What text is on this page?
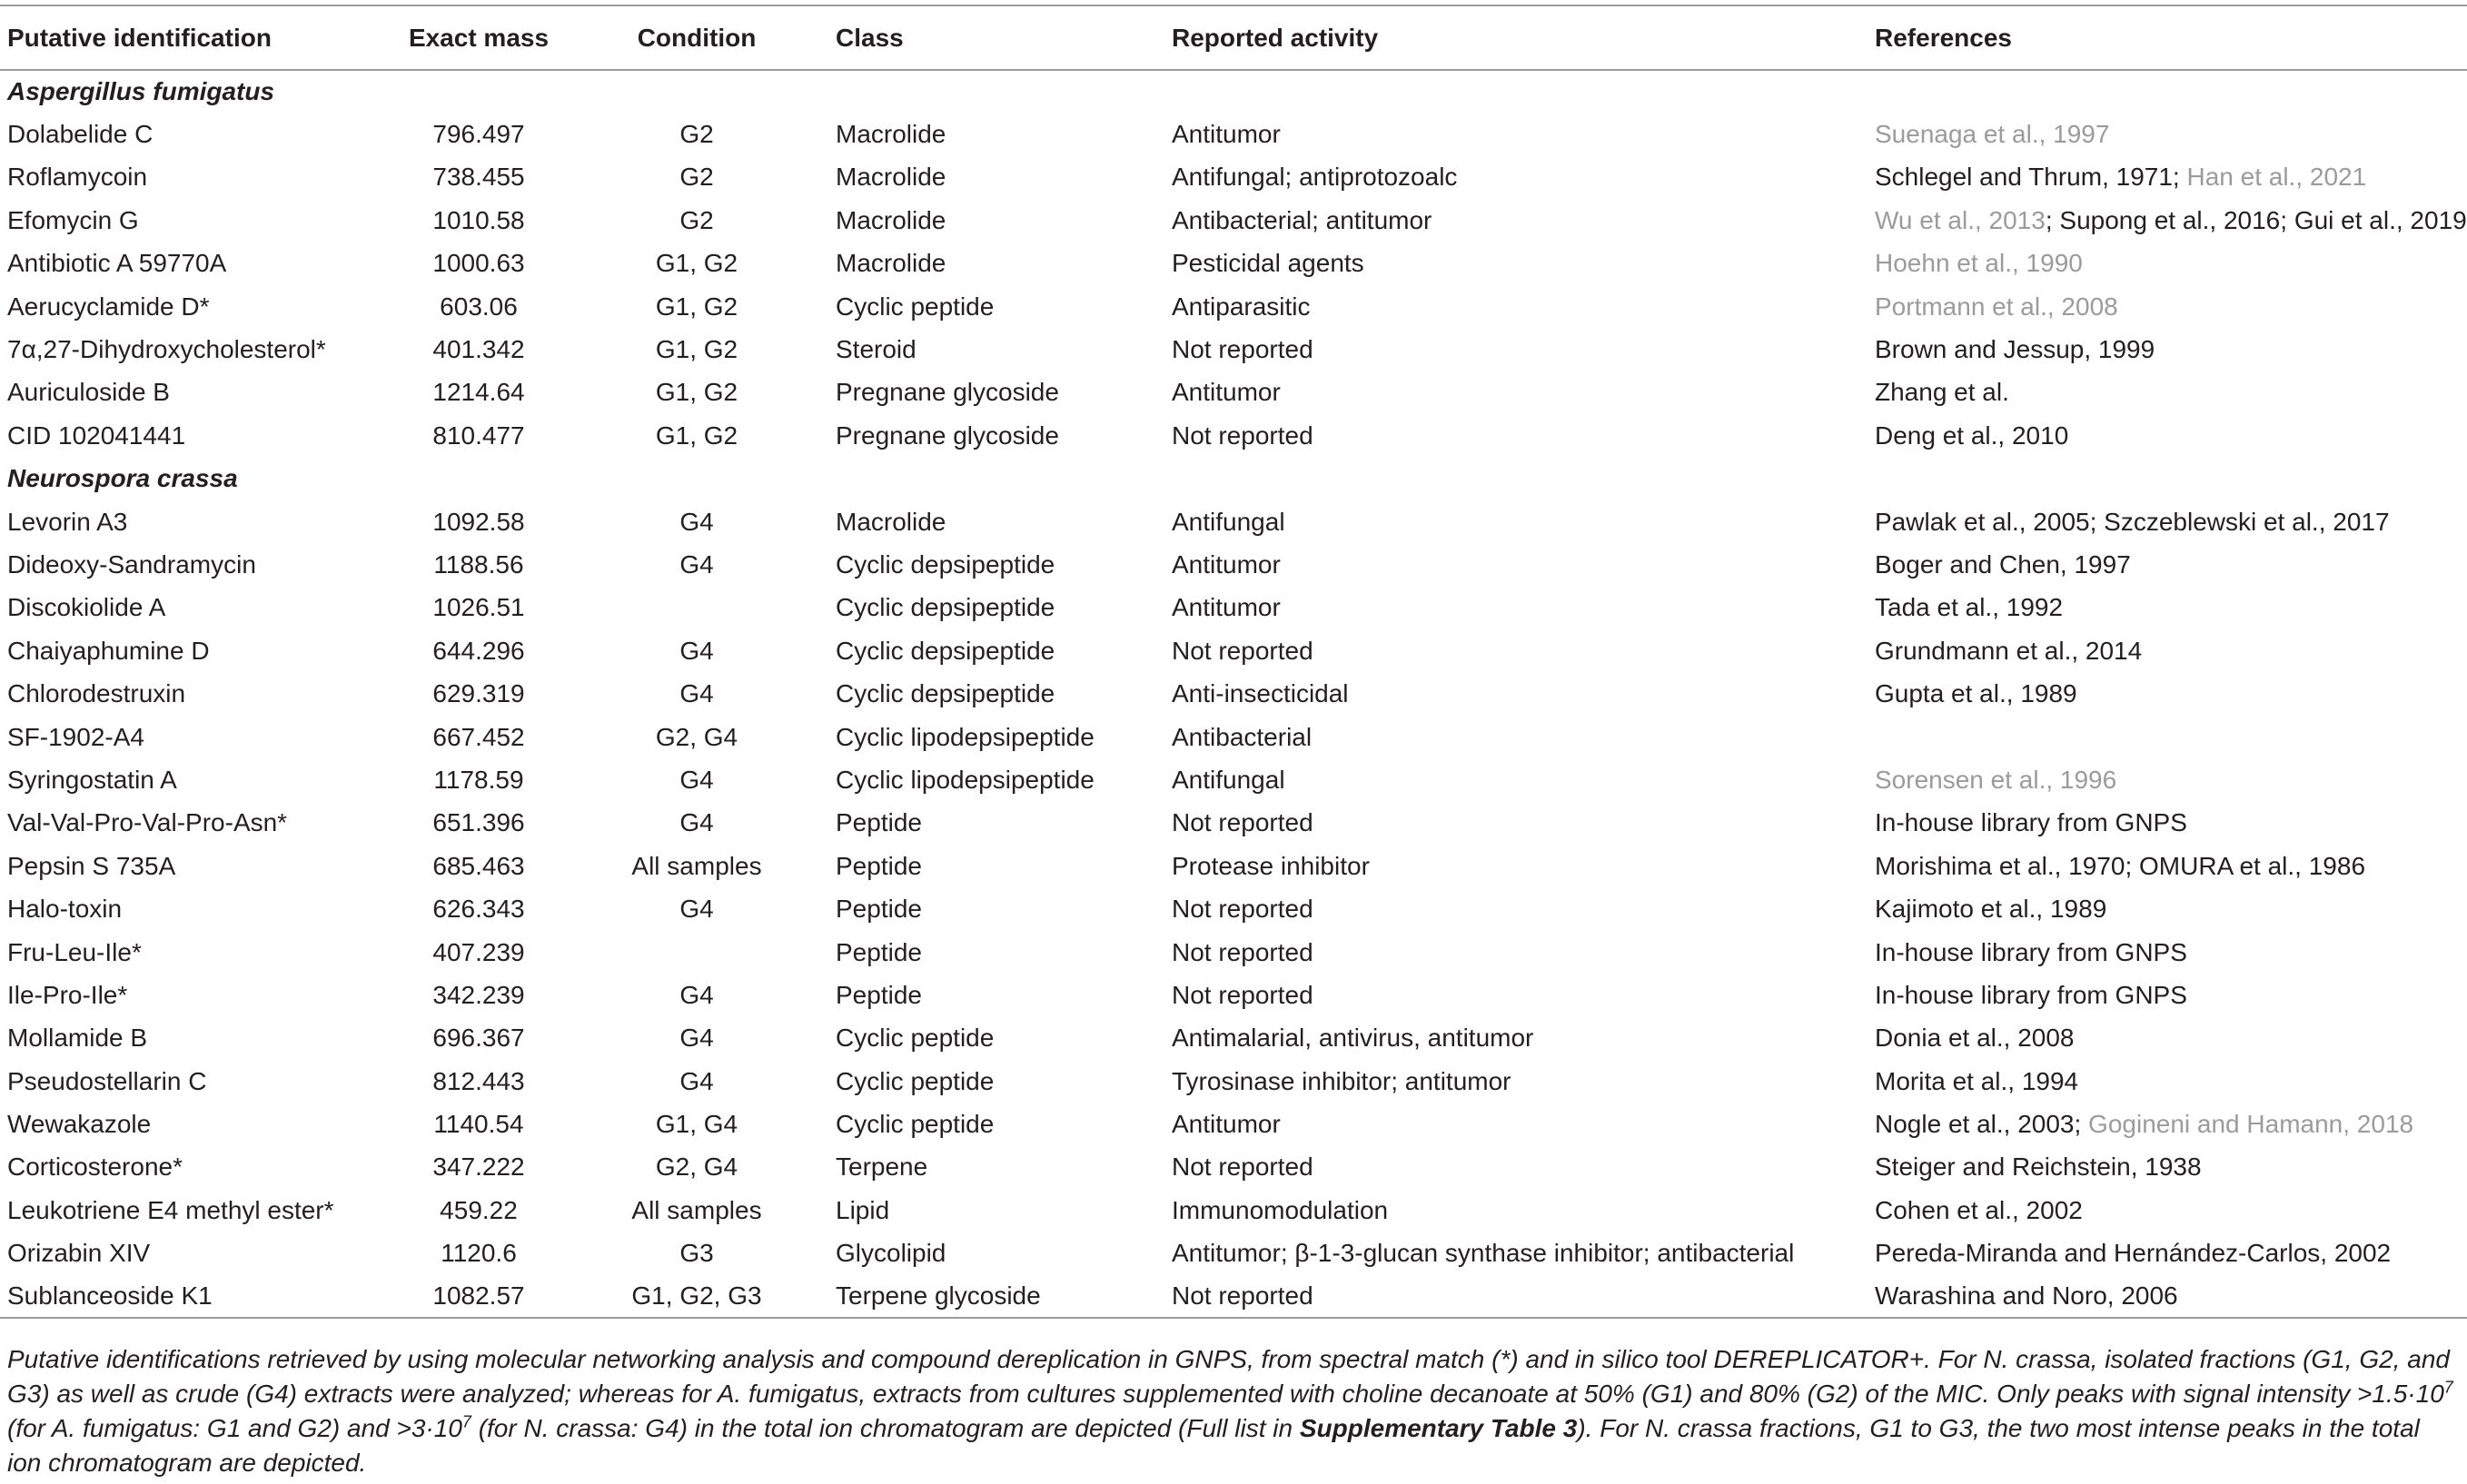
Putative identification	Exact mass	Condition	Class	Reported activity	References
Aspergillus fumigatus					
Dolabelide C	796.497	G2	Macrolide	Antitumor	Suenaga et al., 1997
Roflamycoin	738.455	G2	Macrolide	Antifungal; antiprotozoalc	Schlegel and Thrum, 1971; Han et al., 2021
Efomycin G	1010.58	G2	Macrolide	Antibacterial; antitumor	Wu et al., 2013; Supong et al., 2016; Gui et al., 2019
Antibiotic A 59770A	1000.63	G1, G2	Macrolide	Pesticidal agents	Hoehn et al., 1990
Aerucyclamide D*	603.06	G1, G2	Cyclic peptide	Antiparasitic	Portmann et al., 2008
7α,27-Dihydroxycholesterol*	401.342	G1, G2	Steroid	Not reported	Brown and Jessup, 1999
Auriculoside B	1214.64	G1, G2	Pregnane glycoside	Antitumor	Zhang et al.
CID 102041441	810.477	G1, G2	Pregnane glycoside	Not reported	Deng et al., 2010
Neurospora crassa					
Levorin A3	1092.58	G4	Macrolide	Antifungal	Pawlak et al., 2005; Szczeblewski et al., 2017
Dideoxy-Sandramycin	1188.56	G4	Cyclic depsipeptide	Antitumor	Boger and Chen, 1997
Discokiolide A	1026.51		Cyclic depsipeptide	Antitumor	Tada et al., 1992
Chaiyaphumine D	644.296	G4	Cyclic depsipeptide	Not reported	Grundmann et al., 2014
Chlorodestruxin	629.319	G4	Cyclic depsipeptide	Anti-insecticidal	Gupta et al., 1989
SF-1902-A4	667.452	G2, G4	Cyclic lipodepsipeptide	Antibacterial	
Syringostatin A	1178.59	G4	Cyclic lipodepsipeptide	Antifungal	Sorensen et al., 1996
Val-Val-Pro-Val-Pro-Asn*	651.396	G4	Peptide	Not reported	In-house library from GNPS
Pepsin S 735A	685.463	All samples	Peptide	Protease inhibitor	Morishima et al., 1970; OMURA et al., 1986
Halo-toxin	626.343	G4	Peptide	Not reported	Kajimoto et al., 1989
Fru-Leu-Ile*	407.239		Peptide	Not reported	In-house library from GNPS
Ile-Pro-Ile*	342.239	G4	Peptide	Not reported	In-house library from GNPS
Mollamide B	696.367	G4	Cyclic peptide	Antimalarial, antivirus, antitumor	Donia et al., 2008
Pseudostellarin C	812.443	G4	Cyclic peptide	Tyrosinase inhibitor; antitumor	Morita et al., 1994
Wewakazole	1140.54	G1, G4	Cyclic peptide	Antitumor	Nogle et al., 2003; Gogineni and Hamann, 2018
Corticosterone*	347.222	G2, G4	Terpene	Not reported	Steiger and Reichstein, 1938
Leukotriene E4 methyl ester*	459.22	All samples	Lipid	Immunomodulation	Cohen et al., 2002
Orizabin XIV	1120.6	G3	Glycolipid	Antitumor; β-1-3-glucan synthase inhibitor; antibacterial	Pereda-Miranda and Hernández-Carlos, 2002
Sublanceoside K1	1082.57	G1, G2, G3	Terpene glycoside	Not reported	Warashina and Noro, 2006

Putative identifications retrieved by using molecular networking analysis and compound dereplication in GNPS, from spectral match (*) and in silico tool DEREPLICATOR+. For N. crassa, isolated fractions (G1, G2, and G3) as well as crude (G4) extracts were analyzed; whereas for A. fumigatus, extracts from cultures supplemented with choline decanoate at 50% (G1) and 80% (G2) of the MIC. Only peaks with signal intensity $>1.5\cdot 10^7$ (for A. fumigatus: G1 and G2) and $>3\cdot 10^7$ (for N. crassa: G4) in the total ion chromatogram are depicted (Full list in Supplementary Table 3). For N. crassa fractions, G1 to G3, the two most intense peaks in the total ion chromatogram are depicted.
